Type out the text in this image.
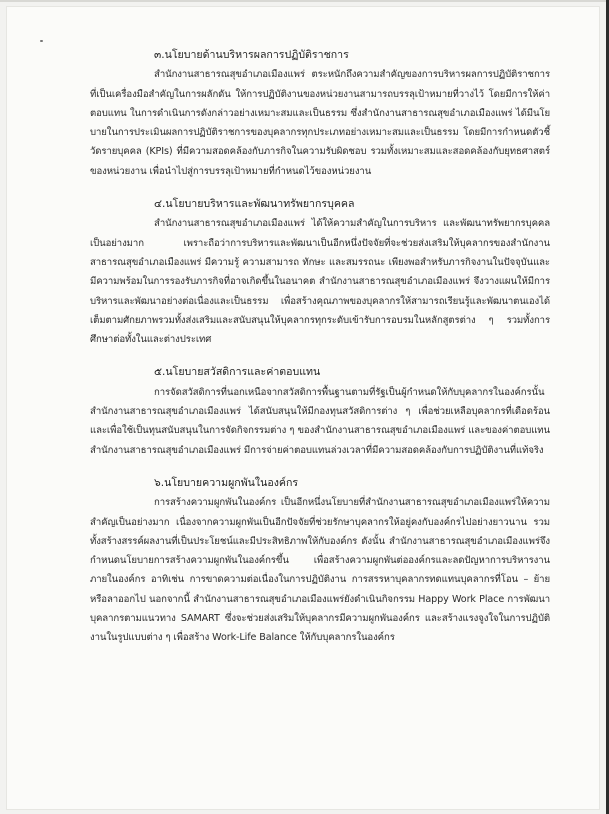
๓.นโยบายด้านบริหารผลการปฏิบัติราชการ

สำนักงานสาธารณสุขอำเภอเมืองแพร่ ตระหนักถึงความสำคัญของการบริหารผลการปฏิบัติราชการที่เป็นเครื่องมือสำคัญในการผลักดัน ให้การปฏิบัติงานของหน่วยงานสามารถบรรลุเป้าหมายที่วางไว้ โดยมีการให้ค่าตอบแทน ในการดำเนินการดังกล่าวอย่างเหมาะสมและเป็นธรรม ซึ่งสำนักงานสาธารณสุขอำเภอเมืองแพร่ ได้มีนโยบายในการประเมินผลการปฏิบัติราชการของบุคลากรทุกประเภทอย่างเหมาะสมและเป็นธรรม โดยมีการกำหนดตัวชี้วัดรายบุคคล (KPIs) ที่มีความสอดคล้องกับภารกิจในความรับผิดชอบ รวมทั้งเหมาะสมและสอดคล้องกับยุทธศาสตร์ของหน่วยงาน เพื่อนำไปสู่การบรรลุเป้าหมายที่กำหนดไว้ของหน่วยงาน

๔.นโยบายบริหารและพัฒนาทรัพยากรบุคคล

สำนักงานสาธารณสุขอำเภอเมืองแพร่ ได้ให้ความสำคัญในการบริหาร และพัฒนาทรัพยากรบุคคลเป็นอย่างมาก เพราะถือว่าการบริหารและพัฒนาเป็นอีกหนึ่งปัจจัยที่จะช่วยส่งเสริมให้บุคลากรของสำนักงานสาธารณสุขอำเภอเมืองแพร่ มีความรู้ ความสามารถ ทักษะ และสมรรถนะ เพียงพอสำหรับภารกิจงานในปัจจุบันและมีความพร้อมในการรองรับภารกิจที่อาจเกิดขึ้นในอนาคต สำนักงานสาธารณสุขอำเภอเมืองแพร่ จึงวางแผนให้มีการบริหารและพัฒนาอย่างต่อเนื่องและเป็นธรรม เพื่อสร้างคุณภาพของบุคลากรให้สามารถเรียนรู้และพัฒนาตนเองได้เต็มตามศักยภาพรวมทั้งส่งเสริมและสนับสนุนให้บุคลากรทุกระดับเข้ารับการอบรมในหลักสูตรต่าง ๆ รวมทั้งการศึกษาต่อทั้งในและต่างประเทศ

๕.นโยบายสวัสดิการและค่าตอบแทน

การจัดสวัสดิการที่นอกเหนือจากสวัสดิการพื้นฐานตามที่รัฐเป็นผู้กำหนดให้กับบุคลากรในองค์กรนั้น สำนักงานสาธารณสุขอำเภอเมืองแพร่ ได้สนับสนุนให้มีกองทุนสวัสดิการต่าง ๆ เพื่อช่วยเหลือบุคลากรที่เดือดร้อนและเพื่อใช้เป็นทุนสนับสนุนในการจัดกิจกรรมต่าง ๆ ของสำนักงานสาธารณสุขอำเภอเมืองแพร่ และของค่าตอบแทนสำนักงานสาธารณสุขอำเภอเมืองแพร่ มีการจ่ายค่าตอบแทนล่วงเวลาที่มีความสอดคล้องกับการปฏิบัติงานที่แท้จริง

๖.นโยบายความผูกพันในองค์กร

การสร้างความผูกพันในองค์กร เป็นอีกหนึ่งนโยบายที่สำนักงานสาธารณสุขอำเภอเมืองแพร่ให้ความสำคัญเป็นอย่างมาก เนื่องจากความผูกพันเป็นอีกปัจจัยที่ช่วยรักษาบุคลากรให้อยู่คงกับองค์กรไปอย่างยาวนาน รวมทั้งสร้างสรรค์ผลงานที่เป็นประโยชน์และมีประสิทธิภาพให้กับองค์กร ดังนั้น สำนักงานสาธารณสุขอำเภอเมืองแพร่จึงกำหนดนโยบายการสร้างความผูกพันในองค์กรขึ้น เพื่อสร้างความผูกพันต่อองค์กรและลดปัญหาการบริหารงานภายในองค์กร อาทิเช่น การขาดความต่อเนื่องในการปฏิบัติงาน การสรรหาบุคลากรทดแทนบุคลากรที่โอน – ย้าย หรือลาออกไป นอกจากนี้ สำนักงานสาธารณสุขอำเภอเมืองแพร่ยังดำเนินกิจกรรม Happy Work Place การพัฒนาบุคลากรตามแนวทาง SAMART ซึ่งจะช่วยส่งเสริมให้บุคลากรมีความผูกพันองค์กร และสร้างแรงจูงใจในการปฏิบัติงานในรูปแบบต่าง ๆ เพื่อสร้าง Work-Life Balance ให้กับบุคลากรในองค์กร
